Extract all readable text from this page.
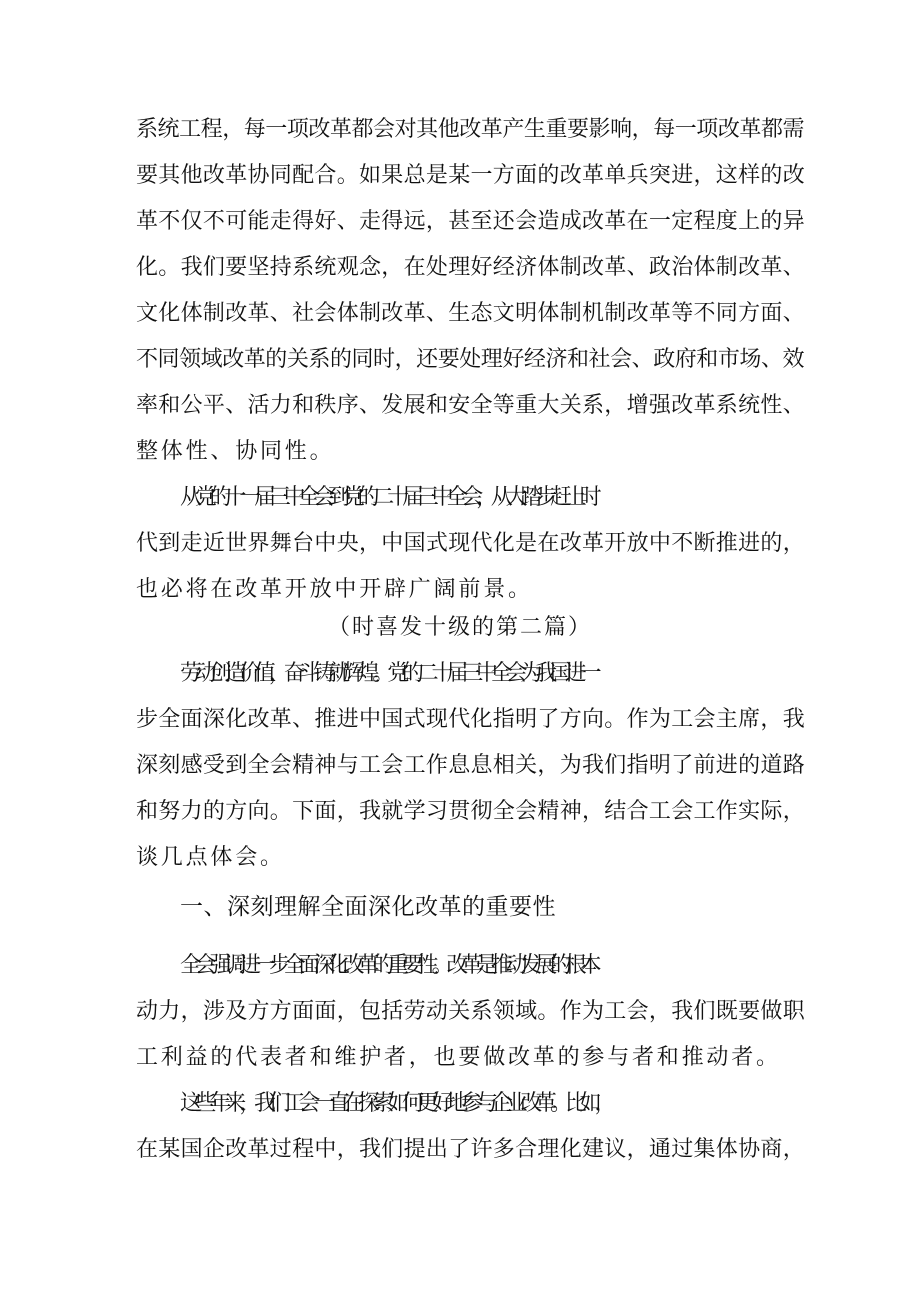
系统工程，每一项改革都会对其他改革产生重要影响，每一项改革都需

要其他改革协同配合。如果总是某一方面的改革单兵突进，这样的改

革不仅不可能走得好、走得远，甚至还会造成改革在一定程度上的异

化。我们要坚持系统观念，在处理好经济体制改革、政治体制改革、

文化体制改革、社会体制改革、生态文明体制机制改革等不同方面、

不同领域改革的关系的同时，还要处理好经济和社会、政府和市场、效

率和公平、活力和秩序、发展和安全等重大关系，增强改革系统性、

整体性、协同性。

从党的十一届三中全会到党的二十届三中全会，从大踏步赶上时

代到走近世界舞台中央，中国式现代化是在改革开放中不断推进的，

也必将在改革开放中开辟广阔前景。

（时喜发十级的第二篇）

劳动创造价值，奋斗铸就辉煌。党的二十届三中全会为我国进一

步全面深化改革、推进中国式现代化指明了方向。作为工会主席，我

深刻感受到全会精神与工会工作息息相关，为我们指明了前进的道路

和努力的方向。下面，我就学习贯彻全会精神，结合工会工作实际，

谈几点体会。

一、深刻理解全面深化改革的重要性

全会强调进一步全面深化改革的重要性。改革是推动发展的根本

动力，涉及方方面面，包括劳动关系领域。作为工会，我们既要做职

工利益的代表者和维护者，也要做改革的参与者和推动者。

这些年来，我们工会一直在探索如何更好地参与企业改革。比如，

在某国企改革过程中，我们提出了许多合理化建议，通过集体协商，
